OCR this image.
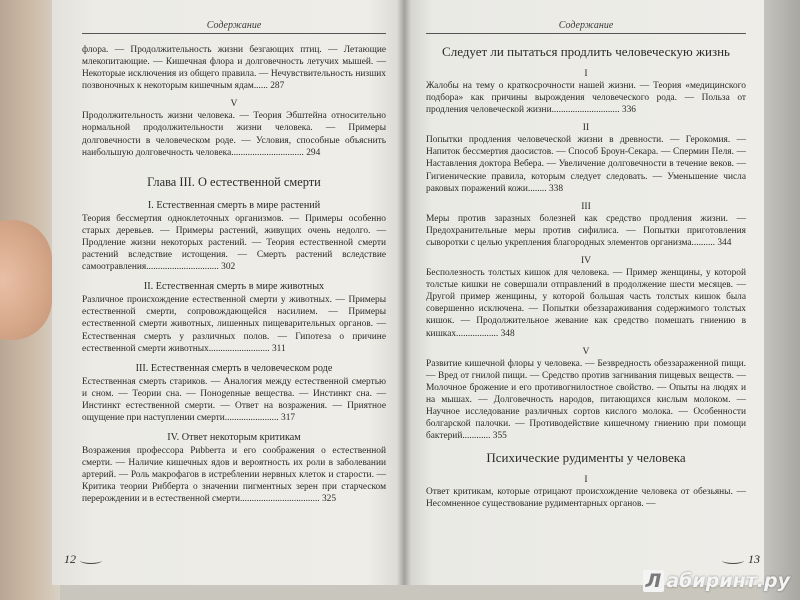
Содержание

флора. — Продолжительность жизни безгающих птиц. — Летающие млекопитающие. — Кишечная флора и долговечность летучих мышей. — Некоторые исключения из общего правила. — Нечувствительность низших позвоночных к некоторым кишечным ядам...... 287

V

Продолжительность жизни человека. — Теория Эбштейна относительно нормальной продолжительности жизни человека. — Примеры долговечности в человеческом роде. — Условия, способные объяснить наибольшую долговечность человека............................... 294

Глава III. О естественной смерти
I. Естественная смерть в мире растений

Теория бессмертия одноклеточных организмов. — Примеры особенно старых деревьев. — Примеры растений, живущих очень недолго. — Продление жизни некоторых растений. — Теория естественной смерти растений вследствие истощения. — Смерть растений вследствие самоотравления............................... 302

II. Естественная смерть в мире животных

Различное происхождение естественной смерти у животных. — Примеры естественной смерти, сопровождающейся насилием. — Примеры естественной смерти животных, лишенных пищеварительных органов. — Естественная смерть у различных полов. — Гипотеза о причине естественной смерти животных.......................... 311

III. Естественная смерть в человеческом роде

Естественная смерть стариков. — Аналогия между естественной смертью и сном. — Теории сна. — Понogenные вещества. — Инстинкт сна. — Инстинкт естественной смерти. — Ответ на возражения. — Приятное ощущение при наступлении смерти....................... 317

IV. Ответ некоторым критикам

Возражения профессора Риbberта и его соображения о естественной смерти. — Наличие кишечных ядов и вероятность их роли в заболевании артерий. — Роль макрофагов в истреблении нервных клеток и старости. — Критика теории Рибберта о значении пигментных зерен при старческом перерождении и в естественной смерти.................................. 325

12
Содержание
Следует ли пытаться продлить человеческую жизнь
I

Жалобы на тему о краткосрочности нашей жизни. — Теория «медицинского подбора» как причины вырождения человеческого рода. — Польза от продления человеческой жизни............................. 336

II

Попытки продления человеческой жизни в древности. — Герокомия. — Напиток бессмертия даосистов. — Способ Броун-Секара. — Спермин Пеля. — Наставления доктора Вебера. — Увеличение долговечности в течение веков. — Гигиенические правила, которым следует следовать. — Уменьшение числа раковых поражений кожи........ 338

III

Меры против заразных болезней как средство продления жизни. — Предохранительные меры против сифилиса. — Попытки приготовления сыворотки с целью укрепления благородных элементов организма.......... 344

IV

Бесполезность толстых кишок для человека. — Пример женщины, у которой толстые кишки не совершали отправлений в продолжение шести месяцев. — Другой пример женщины, у которой большая часть толстых кишок была совершенно исключена. — Попытки обеззараживания содержимого толстых кишок. — Продолжительное жевание как средство помешать гниению в кишках.................. 348

V

Развитие кишечной флоры у человека. — Безвредность обеззараженной пищи. — Вред от гнилой пищи. — Средство против загнивания пищевых веществ. — Молочное брожение и его противогнилостное свойство. — Опыты на людях и на мышах. — Долговечность народов, питающихся кислым молоком. — Научное исследование различных сортов кислого молока. — Особенности болгарской палочки. — Противодействие кишечному гниению при помощи бактерий............ 355

Психические рудименты у человека
I

Ответ критикам, которые отрицают происхождение человека от обезьяны. — Несомненное существование рудиментарных органов. —

13
Л абиринт.ру
